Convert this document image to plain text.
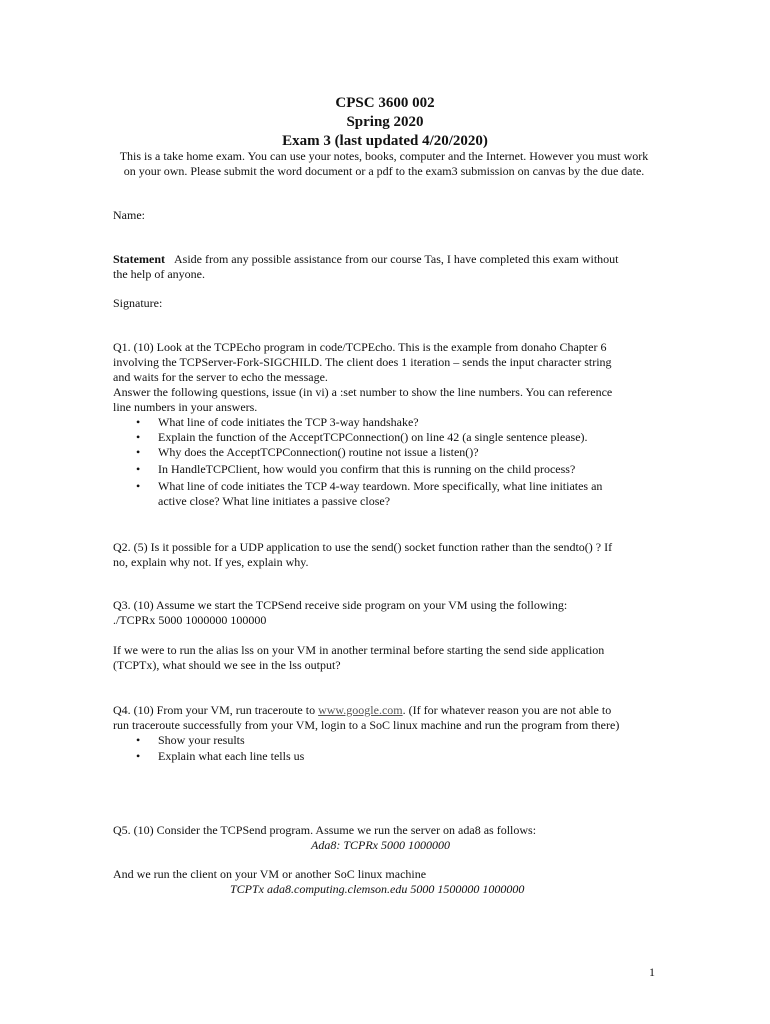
CPSC 3600 002
Spring 2020
Exam 3 (last updated 4/20/2020)
This is a take home exam. You can use your notes, books, computer and the Internet. However you must work on your own. Please submit the word document or a pdf to the exam3 submission on canvas by the due date.
Name:
Statement Aside from any possible assistance from our course Tas, I have completed this exam without
the help of anyone.
Signature:
Q1. (10) Look at the TCPEcho program in code/TCPEcho. This is the example from donaho Chapter 6
involving the TCPServer-Fork-SIGCHILD. The client does 1 iteration – sends the input character string
and waits for the server to echo the message.
Answer the following questions, issue (in vi) a :set number to show the line numbers. You can reference
line numbers in your answers.
• What line of code initiates the TCP 3-way handshake?
• Explain the function of the AcceptTCPConnection() on line 42 (a single sentence please).
• Why does the AcceptTCPConnection() routine not issue a listen()?
• In HandleTCPClient, how would you confirm that this is running on the child process?
• What line of code initiates the TCP 4-way teardown. More specifically, what line initiates an
active close? What line initiates a passive close?
Q2. (5) Is it possible for a UDP application to use the send() socket function rather than the sendto() ? If
no, explain why not. If yes, explain why.
Q3. (10) Assume we start the TCPSend receive side program on your VM using the following:
./TCPRx 5000 1000000 100000
If we were to run the alias lss on your VM in another terminal before starting the send side application
(TCPTx), what should we see in the lss output?
Q4. (10) From your VM, run traceroute to www.google.com. (If for whatever reason you are not able to
run traceroute successfully from your VM, login to a SoC linux machine and run the program from there)
• Show your results
• Explain what each line tells us
Q5. (10) Consider the TCPSend program. Assume we run the server on ada8 as follows:
Ada8: TCPRx 5000 1000000
And we run the client on your VM or another SoC linux machine
TCPTx ada8.computing.clemson.edu 5000 1500000 1000000
1
